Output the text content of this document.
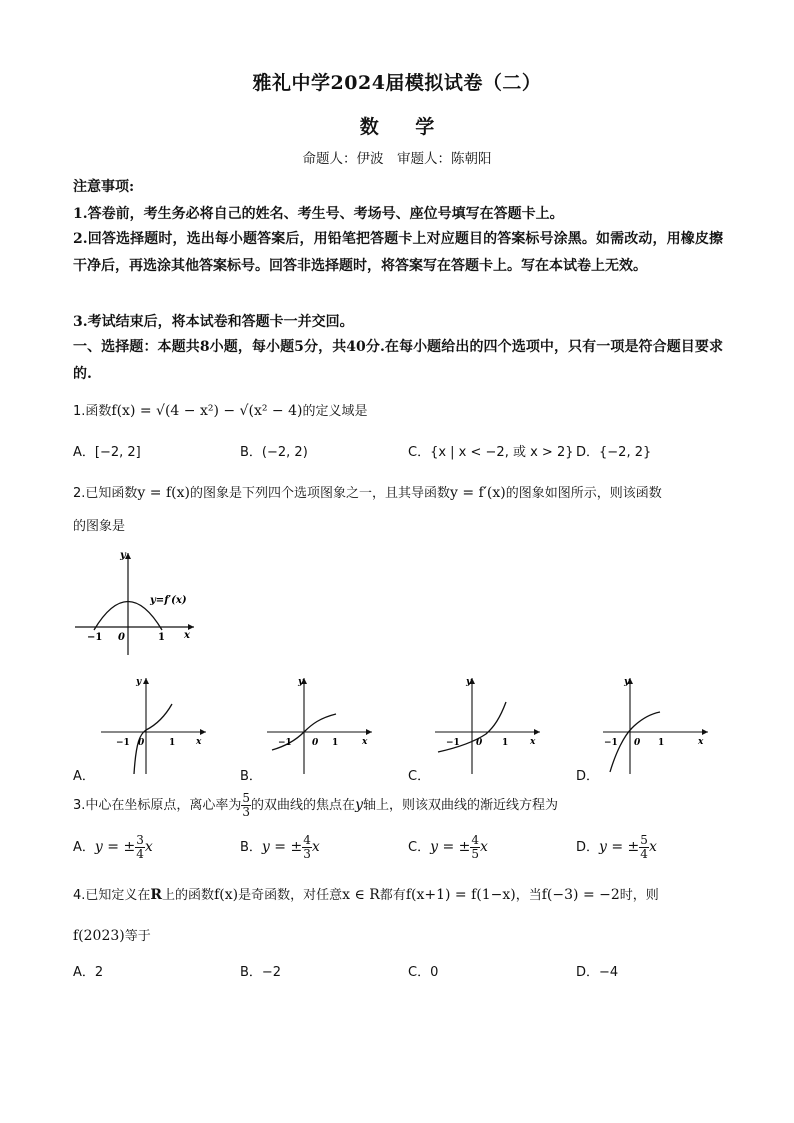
雅礼中学2024届模拟试卷（二）
数 学
命题人：伊波　审题人：陈朝阳
注意事项:
1.答卷前，考生务必将自己的姓名、考生号、考场号、座位号填写在答题卡上。
2.回答选择题时，选出每小题答案后，用铅笔把答题卡上对应题目的答案标号涂黑。如需改动，用橡皮擦干净后，再选涂其他答案标号。回答非选择题时，将答案写在答题卡上。写在本试卷上无效。
3.考试结束后，将本试卷和答题卡一并交回。
一、选择题：本题共8小题，每小题5分，共40分.在每小题给出的四个选项中，只有一项是符合题目要求的.
1.函数f(x) = √(4 − x²) − √(x² − 4)的定义域是
A．[−2, 2]	B．(−2, 2)	C．{x | x < −2, 或 x > 2} D．{−2, 2}
2.已知函数y = f(x)的图象是下列四个选项图象之一，且其导函数y = f′(x)的图象如图所示，则该函数
的图象是
y
x
−1 0	1
y=f′(x)
y
x
−1 0	1
A．
y
x
−1 0 1
B．
y
x
−1 0 1
C．
y
x
−1 0 1
D．
3.中心在坐标原点，离心率为 $\frac{5}{3}$ 的双曲线的焦点在y轴上，则该双曲线的渐近线方程为
A．y = ± $\frac{3}{4}$ x	B．y = ± $\frac{4}{3}$ x	C．y = ± $\frac{4}{5}$ x	D．y = ± $\frac{5}{4}$ x
4.已知定义在R上的函数f(x)是奇函数，对任意x ∈ R都有f(x+1) = f(1−x)，当f(−3) = −2时，则
f(2023)等于
A．2	B．−2	C．0	D．−4
